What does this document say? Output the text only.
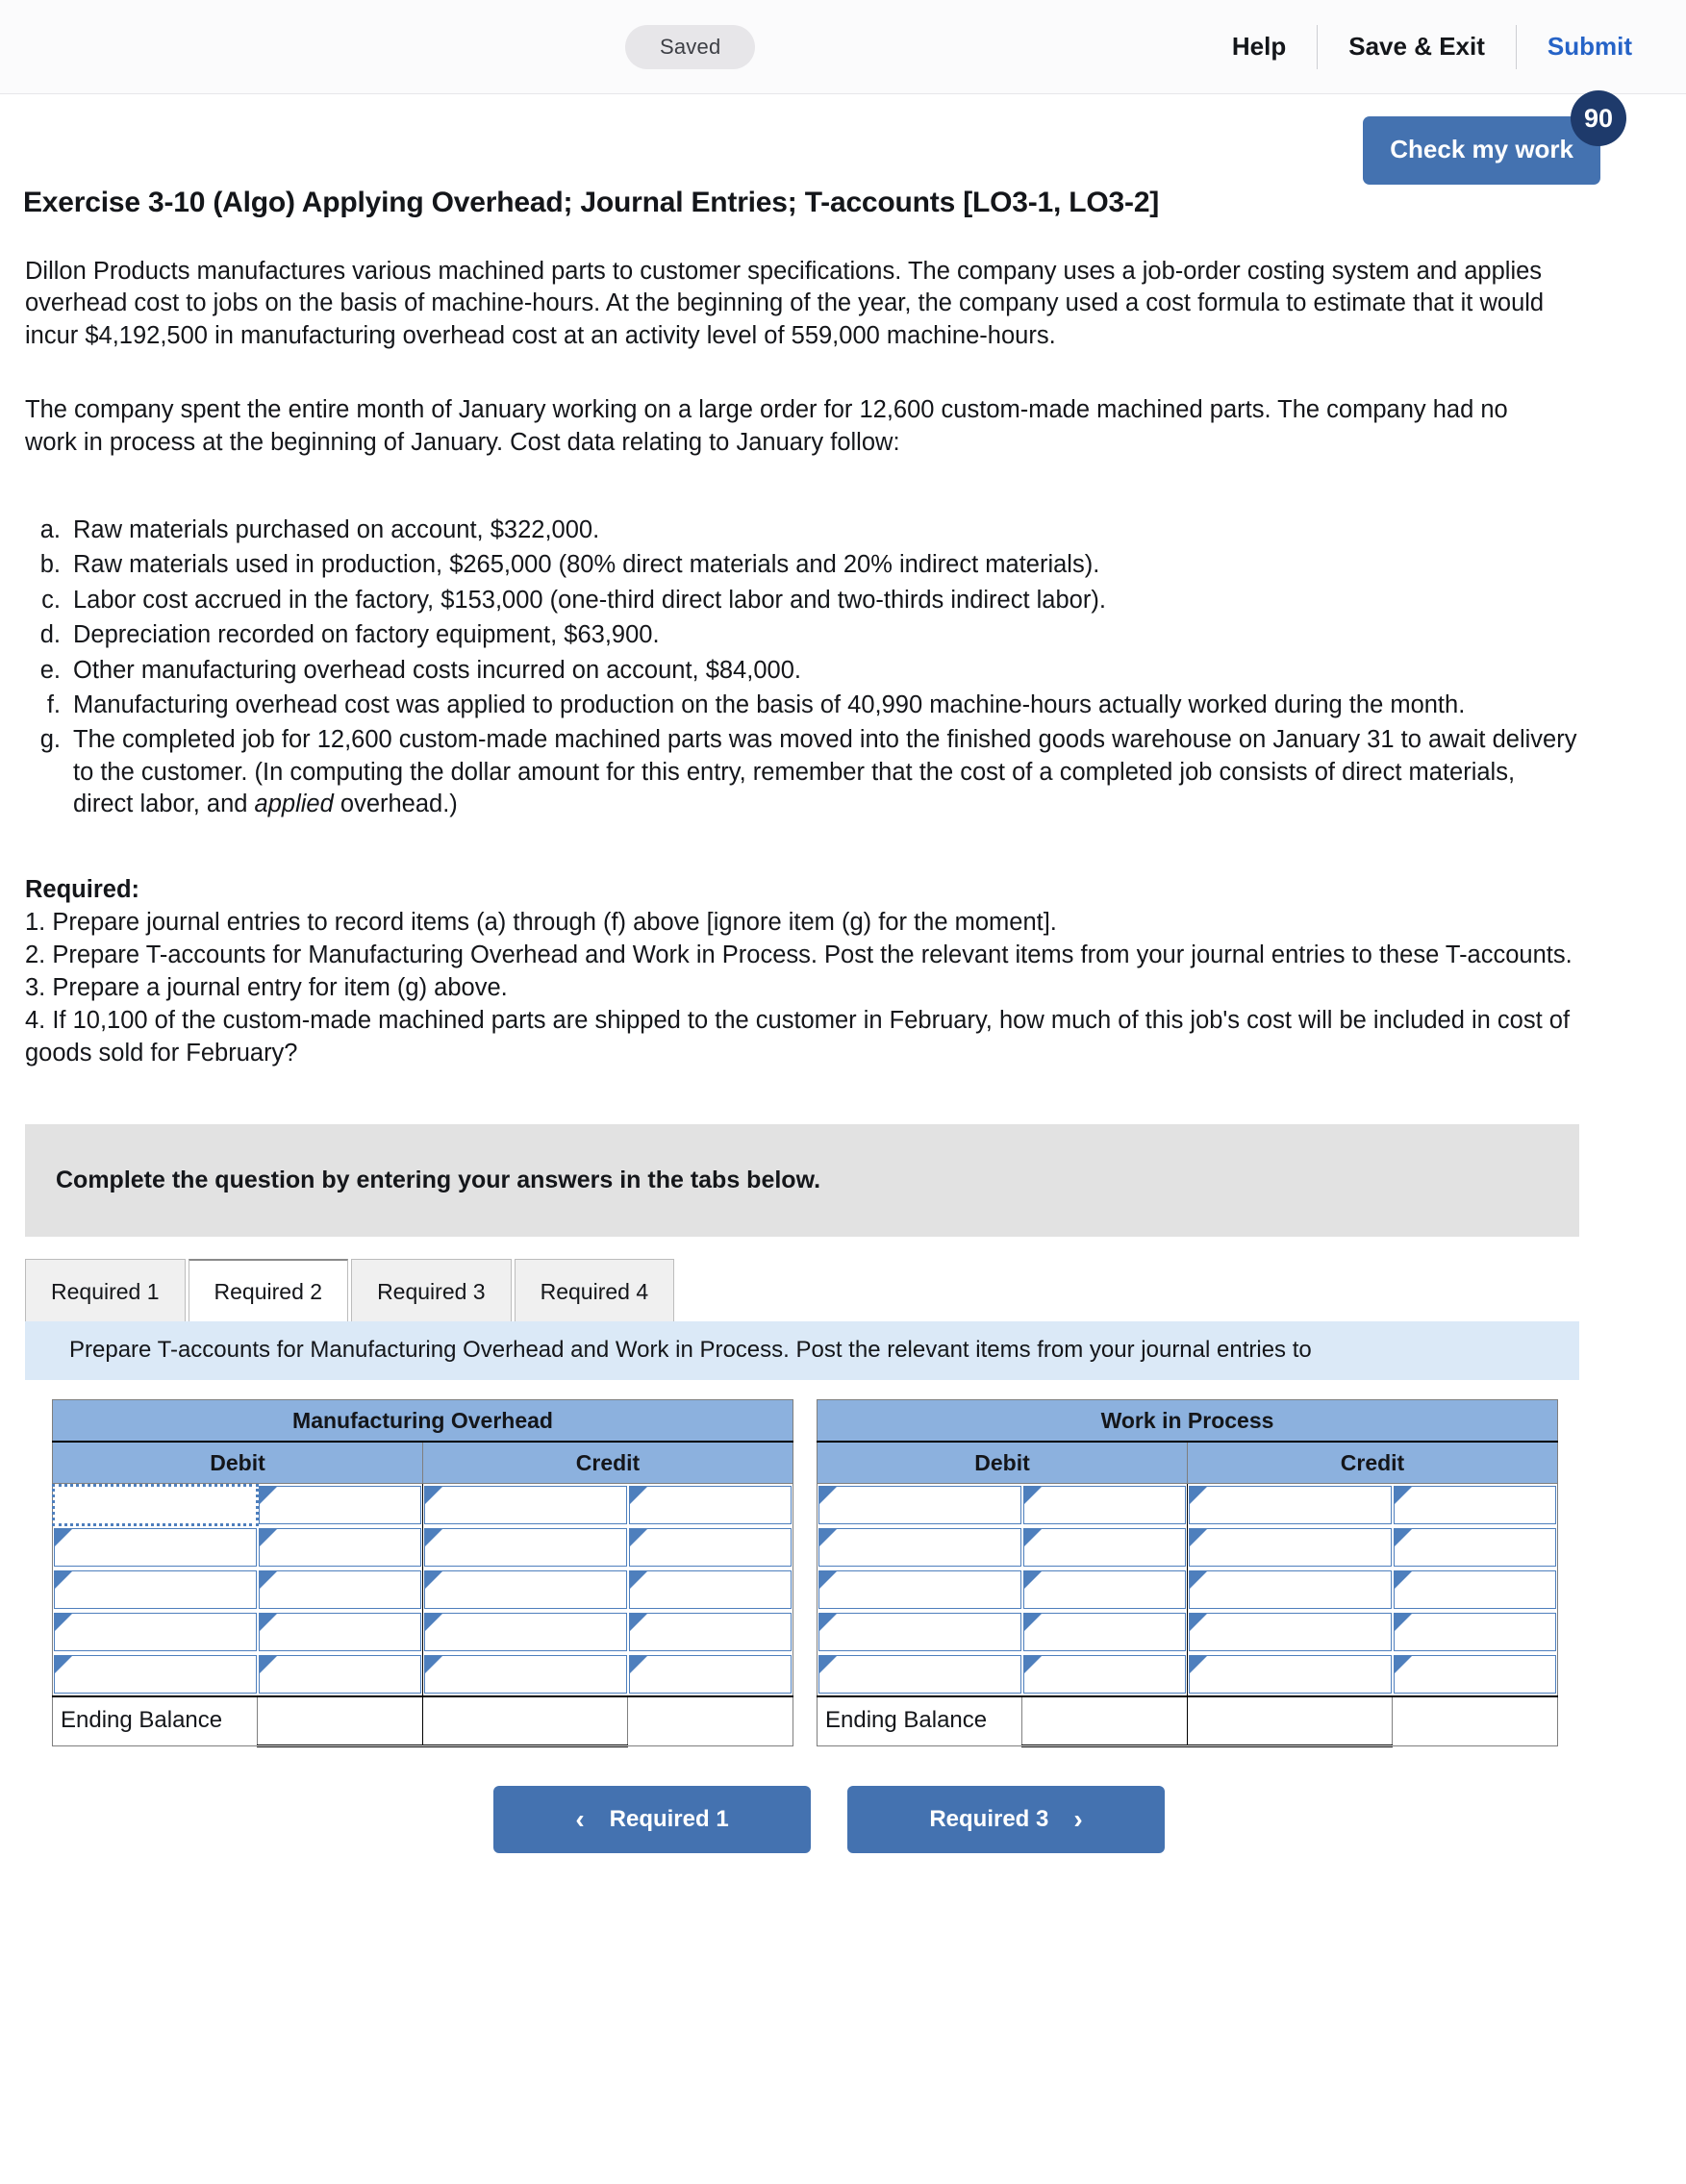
Saved	Help	Save & Exit	Submit
Check my work
90
Exercise 3-10 (Algo) Applying Overhead; Journal Entries; T-accounts [LO3-1, LO3-2]

Dillon Products manufactures various machined parts to customer specifications. The company uses a job-order costing system and applies overhead cost to jobs on the basis of machine-hours. At the beginning of the year, the company used a cost formula to estimate that it would incur $4,192,500 in manufacturing overhead cost at an activity level of 559,000 machine-hours.

The company spent the entire month of January working on a large order for 12,600 custom-made machined parts. The company had no work in process at the beginning of January. Cost data relating to January follow:

a. Raw materials purchased on account, $322,000.
b. Raw materials used in production, $265,000 (80% direct materials and 20% indirect materials).
c. Labor cost accrued in the factory, $153,000 (one-third direct labor and two-thirds indirect labor).
d. Depreciation recorded on factory equipment, $63,900.
e. Other manufacturing overhead costs incurred on account, $84,000.
f. Manufacturing overhead cost was applied to production on the basis of 40,990 machine-hours actually worked during the month.
g. The completed job for 12,600 custom-made machined parts was moved into the finished goods warehouse on January 31 to await delivery to the customer. (In computing the dollar amount for this entry, remember that the cost of a completed job consists of direct materials, direct labor, and applied overhead.)
Required:
1. Prepare journal entries to record items (a) through (f) above [ignore item (g) for the moment].
2. Prepare T-accounts for Manufacturing Overhead and Work in Process. Post the relevant items from your journal entries to these T-accounts.
3. Prepare a journal entry for item (g) above.
4. If 10,100 of the custom-made machined parts are shipped to the customer in February, how much of this job's cost will be included in cost of goods sold for February?
Complete the question by entering your answers in the tabs below.
Required 1	Required 2	Required 3	Required 4
Prepare T-accounts for Manufacturing Overhead and Work in Process. Post the relevant items from your journal entries to
Manufacturing Overhead			
Debit		Credit	

Ending Balance			
Work in Process			
Debit		Credit	

Ending Balance			
‹ Required 1	Required 3 ›
